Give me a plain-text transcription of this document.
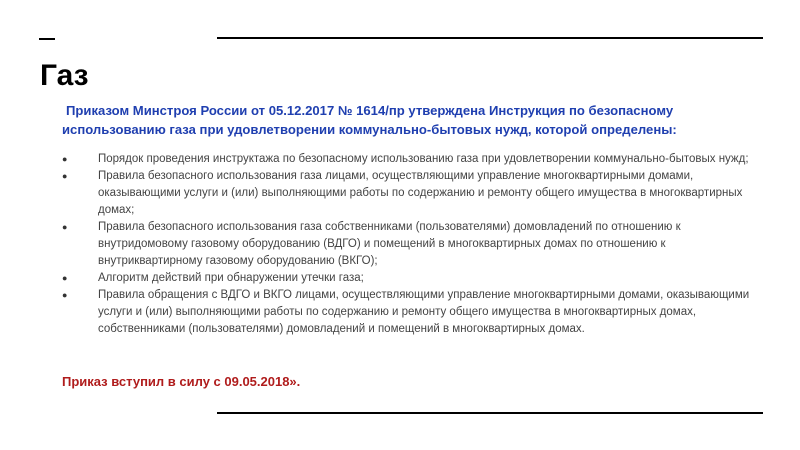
Газ

Приказом Минстроя России от 05.12.2017 № 1614/пр утверждена Инструкция по безопасному использованию газа при удовлетворении коммунально-бытовых нужд, которой определены:

● Порядок проведения инструктажа по безопасному использованию газа при удовлетворении коммунально-бытовых нужд;
● Правила безопасного использования газа лицами, осуществляющими управление многоквартирными домами, оказывающими услуги и (или) выполняющими работы по содержанию и ремонту общего имущества в многоквартирных домах;
● Правила безопасного использования газа собственниками (пользователями) домовладений по отношению к внутридомовому газовому оборудованию (ВДГО) и помещений в многоквартирных домах по отношению к внутриквартирному газовому оборудованию (ВКГО);
● Алгоритм действий при обнаружении утечки газа;
● Правила обращения с ВДГО и ВКГО лицами, осуществляющими управление многоквартирными домами, оказывающими услуги и (или) выполняющими работы по содержанию и ремонту общего имущества в многоквартирных домах, собственниками (пользователями) домовладений и помещений в многоквартирных домах.

Приказ вступил в силу с 09.05.2018».
